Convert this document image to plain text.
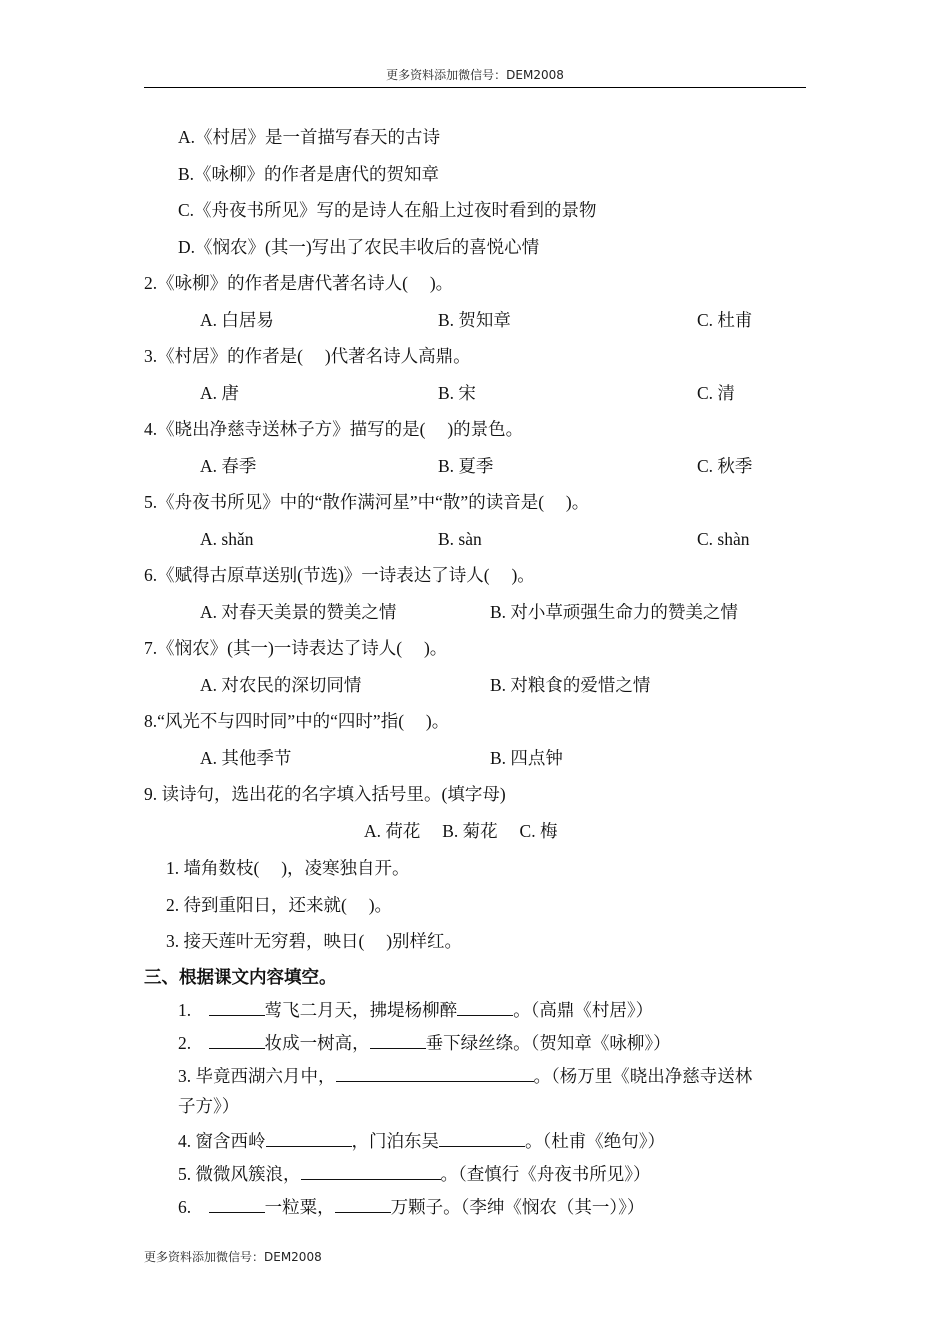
更多资料添加微信号：DEM2008
A.《村居》是一首描写春天的古诗
B.《咏柳》的作者是唐代的贺知章
C.《舟夜书所见》写的是诗人在船上过夜时看到的景物
D.《悯农》(其一)写出了农民丰收后的喜悦心情
2.《咏柳》的作者是唐代著名诗人(　 )。
A. 白居易	B. 贺知章	C. 杜甫
3.《村居》的作者是(　 )代著名诗人高鼎。
A. 唐	B. 宋	C. 清
4.《晓出净慈寺送林子方》描写的是(　 )的景色。
A. 春季	B. 夏季	C. 秋季
5.《舟夜书所见》中的“散作满河星”中“散”的读音是(　 )。
A. shǎn	B. sàn	C. shàn
6.《赋得古原草送别(节选)》一诗表达了诗人(　 )。
A. 对春天美景的赞美之情	B. 对小草顽强生命力的赞美之情
7.《悯农》(其一)一诗表达了诗人(　 )。
A. 对农民的深切同情	B. 对粮食的爱惜之情
8.“风光不与四时同”中的“四时”指(　 )。
A. 其他季节	B. 四点钟
9. 读诗句，选出花的名字填入括号里。(填字母)
A. 荷花　 B. 菊花　 C. 梅
1. 墙角数枝(　 )，凌寒独自开。
2. 待到重阳日，还来就(　 )。
3. 接天莲叶无穷碧，映日(　 )别样红。
三、根据课文内容填空。
1.　	莺飞二月天，拂堤杨柳醉	。（高鼎《村居》）
2.　	妆成一树高，	垂下绿丝绦。（贺知章《咏柳》）
3. 毕竟西湖六月中，	。（杨万里《晓出净慈寺送林
子方》）
4. 窗含西岭	，门泊东吴	。（杜甫《绝句》）
5. 微微风簇浪，	。（查慎行《舟夜书所见》）
6.　	一粒粟，	万颗子。（李绅《悯农（其一）》）
更多资料添加微信号：DEM2008
